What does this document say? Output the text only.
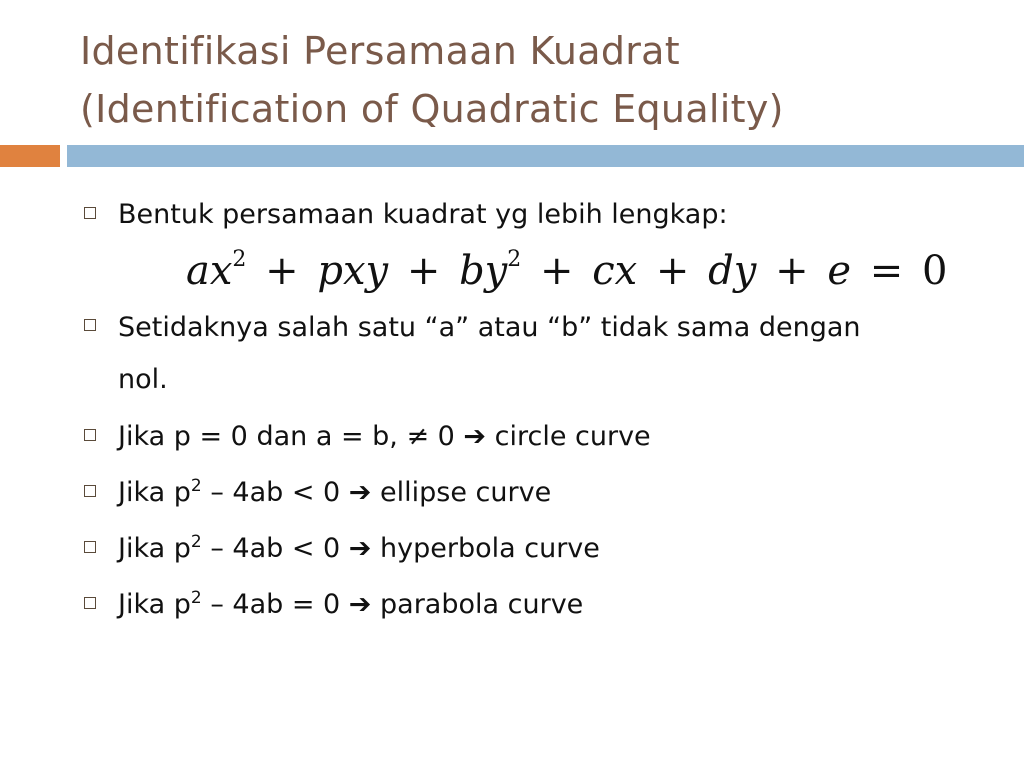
Identifikasi Persamaan Kuadrat
(Identification of Quadratic Equality)
Bentuk persamaan kuadrat yg lebih lengkap:
$ax^2$ + pxy + $by^2$ + cx + dy + e = 0
Setidaknya salah satu “a” atau “b” tidak sama dengan nol.
Jika p = 0 dan a = b, ≠ 0 ➔ circle curve
Jika $p^2 - 4ab < 0$ ➔ ellipse curve
Jika $p^2 - 4ab < 0$ ➔ hyperbola curve
Jika $p^2 - 4ab = 0$ ➔ parabola curve
